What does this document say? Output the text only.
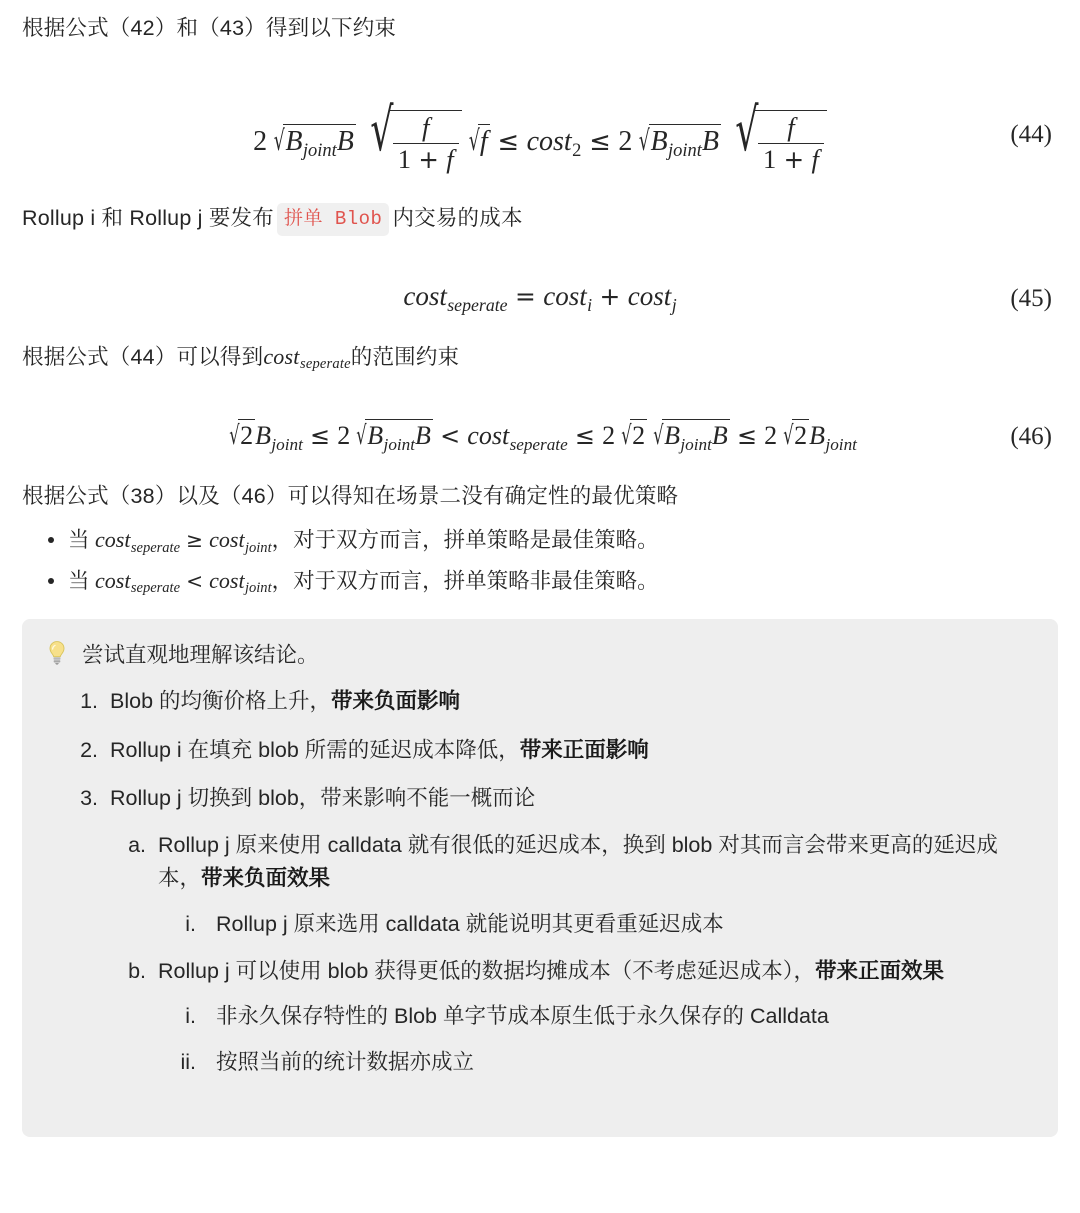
根据公式（42）和（43）得到以下约束

2 $√B_{joint}B$ √ $\frac{f}{1 + f} √f \le \cos t_2 \le 2$ $√B_{joint}B$ √ $\frac{f}{1 + f}$	(44)

Rollup i 和 Rollup j 要发布 拼单 Blob 内交易的成本

cost$_{seperate}$ = cost$_i$ + cost$_j$	(45)

根据公式（44）可以得到cost$_{seperate}$的范围约束

$√2B_{joint} \le 2$ $√B_{joint}B < \cos t_{seperate} \le 2$ √2 $√B_{joint}B \le 2$ $√2B_{joint}$	(46)

根据公式（38）以及（46）可以得知在场景二没有确定性的最优策略

当 cost$_{seperate}$ ≥ cost$_{joint}$，对于双方而言，拼单策略是最佳策略。
当 cost$_{seperate}$ < cost$_{joint}$，对于双方而言，拼单策略非最佳策略。
尝试直观地理解该结论。
1. Blob 的均衡价格上升，带来负面影响
2. Rollup i 在填充 blob 所需的延迟成本降低，带来正面影响
3. Rollup j 切换到 blob，带来影响不能一概而论
a. Rollup j 原来使用 calldata 就有很低的延迟成本，换到 blob 对其而言会带来更高的延迟成本，带来负面效果
i. Rollup j 原来选用 calldata 就能说明其更看重延迟成本
b. Rollup j 可以使用 blob 获得更低的数据均摊成本（不考虑延迟成本），带来正面效果
i. 非永久保存特性的 Blob 单字节成本原生低于永久保存的 Calldata
ii. 按照当前的统计数据亦成立
